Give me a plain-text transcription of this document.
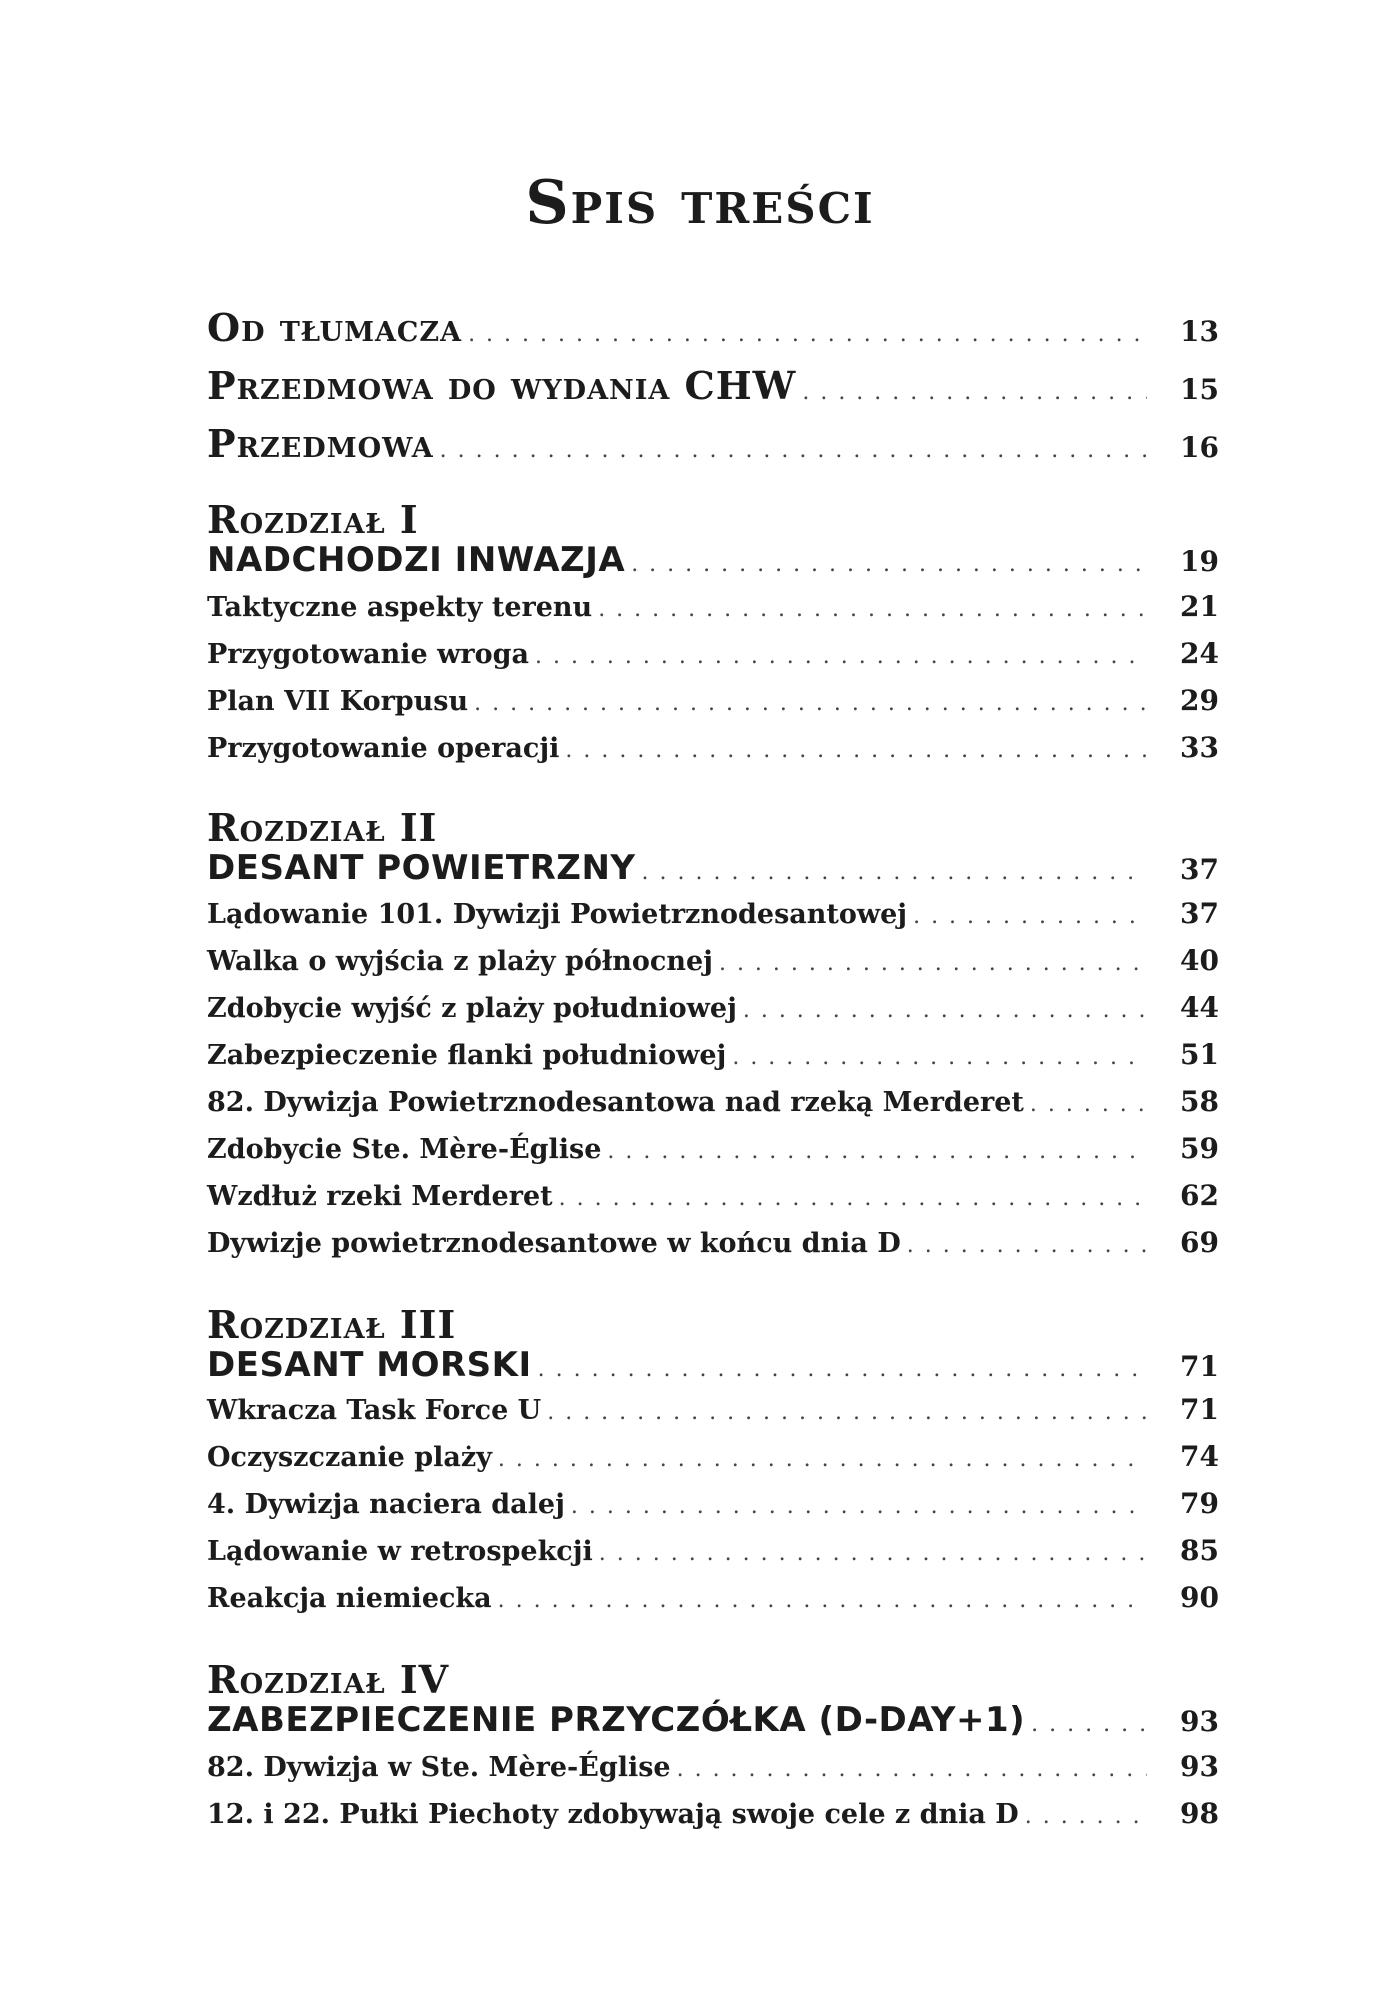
Spis treści
Od tłumacza . . .	13
Przedmowa do wydania CHW . . .	15
Przedmowa . . .	16
Rozdział I
NADCHODZI INWAZJA . . .	19
Taktyczne aspekty terenu . . .	21
Przygotowanie wroga . . .	24
Plan VII Korpusu . . .	29
Przygotowanie operacji . . .	33
Rozdział II
DESANT POWIETRZNY . . .	37
Lądowanie 101. Dywizji Powietrznodesantowej . . .	37
Walka o wyjścia z plaży północnej . . .	40
Zdobycie wyjść z plaży południowej . . .	44
Zabezpieczenie flanki południowej . . .	51
82. Dywizja Powietrznodesantowa nad rzeką Merderet . . .	58
Zdobycie Ste. Mère-Église . . .	59
Wzdłuż rzeki Merderet . . .	62
Dywizje powietrznodesantowe w końcu dnia D . . .	69
Rozdział III
DESANT MORSKI . . .	71
Wkracza Task Force U . . .	71
Oczyszczanie plaży . . .	74
4. Dywizja naciera dalej . . .	79
Lądowanie w retrospekcji . . .	85
Reakcja niemiecka . . .	90
Rozdział IV
ZABEZPIECZENIE PRZYCZÓŁKA (D-DAY+1) . . .	93
82. Dywizja w Ste. Mère-Église . . .	93
12. i 22. Pułki Piechoty zdobywają swoje cele z dnia D . . .	98
